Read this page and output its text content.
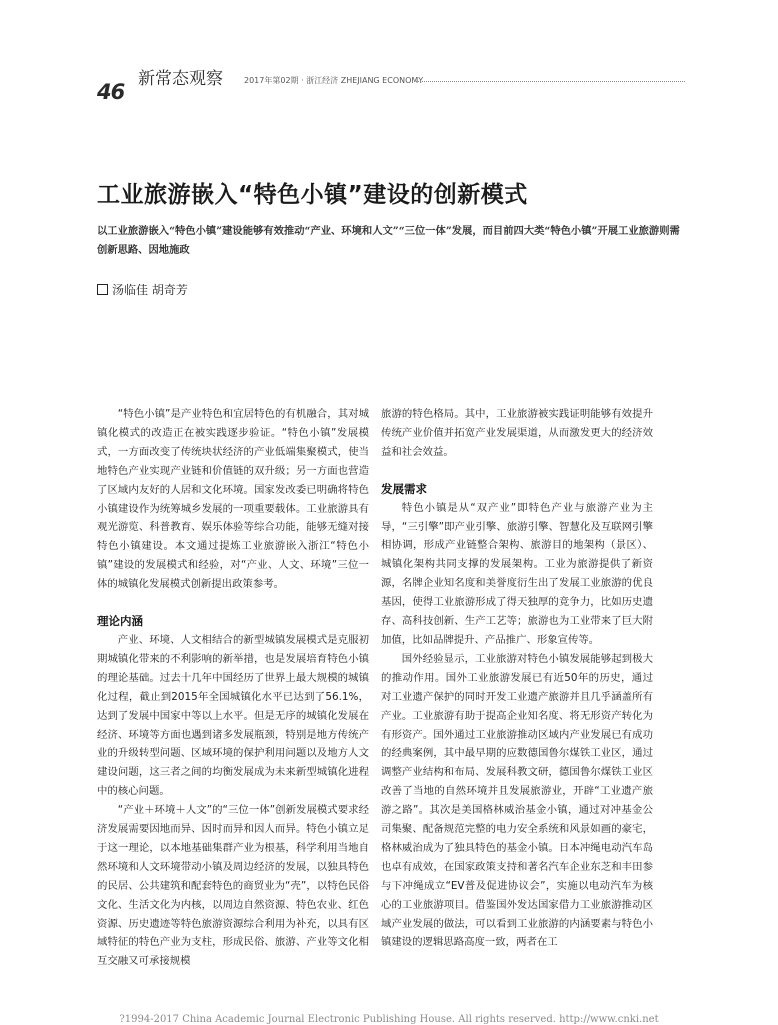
46
新常态观察	2017年第02期 · 浙江经济 ZHEJIANG ECONOMY
工业旅游嵌入“特色小镇”建设的创新模式
以工业旅游嵌入“特色小镇”建设能够有效推动“产业、环境和人文”“三位一体”发展，而目前四大类“特色小镇”开展工业旅游则需创新思路、因地施政
汤临佳 胡奇芳

“特色小镇”是产业特色和宜居特色的有机融合，其对城镇化模式的改造正在被实践逐步验证。“特色小镇”发展模式，一方面改变了传统块状经济的产业低端集聚模式，使当地特色产业实现产业链和价值链的双升级；另一方面也营造了区域内友好的人居和文化环境。国家发改委已明确将特色小镇建设作为统筹城乡发展的一项重要载体。工业旅游具有观光游览、科普教育、娱乐体验等综合功能，能够无缝对接特色小镇建设。本文通过提炼工业旅游嵌入浙江“特色小镇”建设的发展模式和经验，对“产业、人文、环境”三位一体的城镇化发展模式创新提出政策参考。

理论内涵

产业、环境、人文相结合的新型城镇发展模式是克服初期城镇化带来的不利影响的新举措，也是发展培育特色小镇的理论基础。过去十几年中国经历了世界上最大规模的城镇化过程，截止到2015年全国城镇化水平已达到了56.1%，达到了发展中国家中等以上水平。但是无序的城镇化发展在经济、环境等方面也遇到诸多发展瓶颈，特别是地方传统产业的升级转型问题、区域环境的保护利用问题以及地方人文建设问题，这三者之间的均衡发展成为未来新型城镇化进程中的核心问题。

“产业＋环境＋人文”的“三位一体”创新发展模式要求经济发展需要因地而异、因时而异和因人而异。特色小镇立足于这一理论，以本地基础集群产业为根基，科学利用当地自然环境和人文环境带动小镇及周边经济的发展，以独具特色的民居、公共建筑和配套特色的商贸业为“壳”，以特色民俗文化、生活文化为内核，以周边自然资源、特色农业、红色资源、历史遗迹等特色旅游资源综合利用为补充，以具有区域特征的特色产业为支柱，形成民俗、旅游、产业等文化相互交融又可承接规模

旅游的特色格局。其中，工业旅游被实践证明能够有效提升传统产业价值并拓宽产业发展渠道，从而激发更大的经济效益和社会效益。

发展需求

特色小镇是从“双产业”即特色产业与旅游产业为主导，“三引擎”即产业引擎、旅游引擎、智慧化及互联网引擎相协调，形成产业链整合架构、旅游目的地架构（景区）、城镇化架构共同支撑的发展架构。工业为旅游提供了新资源，名牌企业知名度和美誉度衍生出了发展工业旅游的优良基因，使得工业旅游形成了得天独厚的竞争力，比如历史遗存、高科技创新、生产工艺等；旅游也为工业带来了巨大附加值，比如品牌提升、产品推广、形象宣传等。

国外经验显示，工业旅游对特色小镇发展能够起到极大的推动作用。国外工业旅游发展已有近50年的历史，通过对工业遗产保护的同时开发工业遗产旅游并且几乎涵盖所有产业。工业旅游有助于提高企业知名度、将无形资产转化为有形资产。国外通过工业旅游推动区域内产业发展已有成功的经典案例，其中最早期的应数德国鲁尔煤铁工业区，通过调整产业结构和布局、发展科教文研，德国鲁尔煤铁工业区改善了当地的自然环境并且发展旅游业，开辟“工业遗产旅游之路”。其次是美国格林威治基金小镇，通过对冲基金公司集聚、配备规范完整的电力安全系统和风景如画的豪宅，格林威治成为了独具特色的基金小镇。日本冲绳电动汽车岛也卓有成效，在国家政策支持和著名汽车企业东芝和丰田参与下冲绳成立“EV普及促进协议会”，实施以电动汽车为核心的工业旅游项目。借鉴国外发达国家借力工业旅游推动区域产业发展的做法，可以看到工业旅游的内涵要素与特色小镇建设的逻辑思路高度一致，两者在工

?1994-2017 China Academic Journal Electronic Publishing House. All rights reserved. http://www.cnki.net
